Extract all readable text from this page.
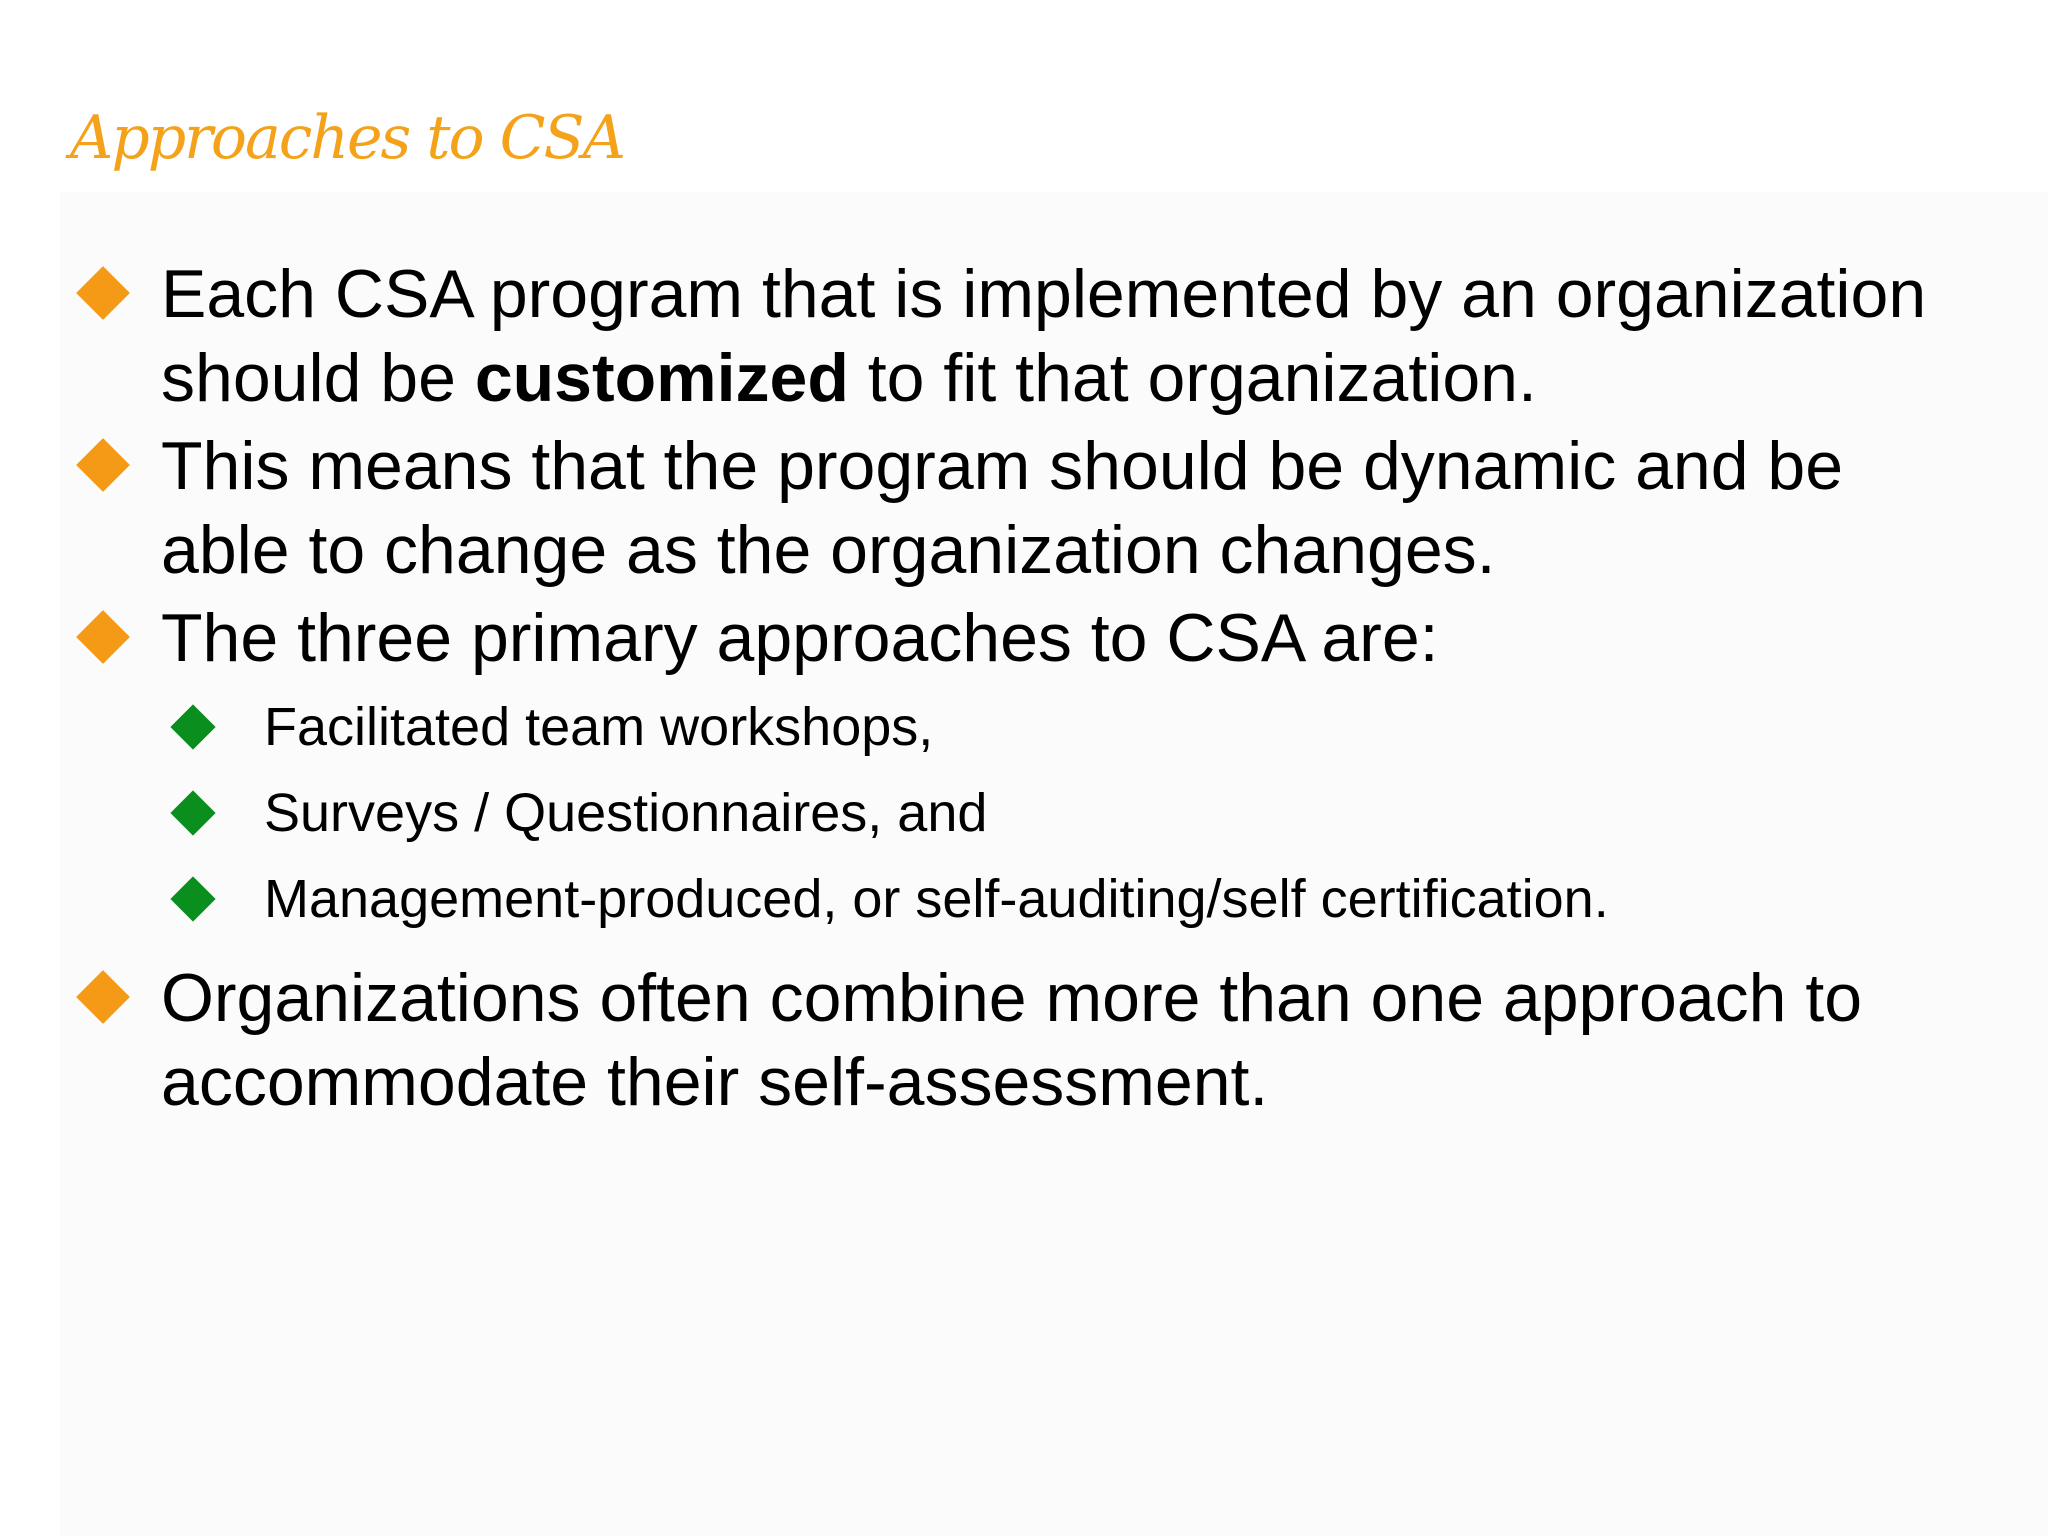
Approaches to CSA
Each CSA program that is implemented by an organization should be customized to fit that organization.
This means that the program should be dynamic and be able to change as the organization changes.
The three primary approaches to CSA are:
Facilitated team workshops,
Surveys / Questionnaires, and
Management-produced, or self-auditing/self certification.
Organizations often combine more than one approach to accommodate their self-assessment.
